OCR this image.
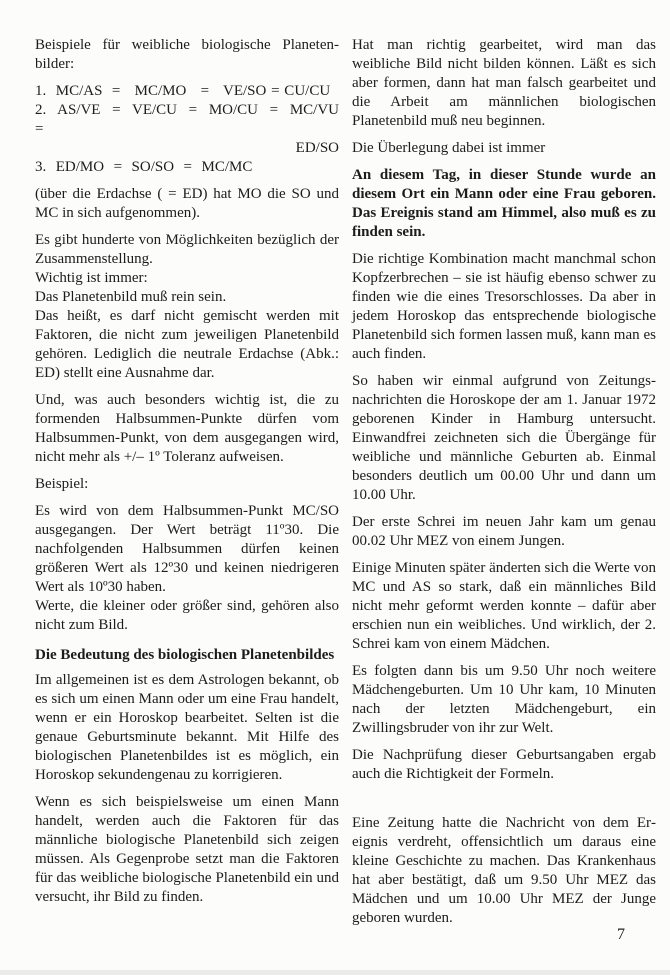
Beispiele für weibliche biologische Planetenbilder:

1.  MC/AS  =   MC/MO   =   VE/SO = CU/CU
2.  AS/VE  =  VE/CU  =  MO/CU  =  MC/VU  =
ED/SO
3.  ED/MO  =  SO/SO  =  MC/MC

(über die Erdachse ( = ED) hat MO die SO und MC in sich aufgenommen).

Es gibt hunderte von Möglichkeiten bezüglich der Zusammenstellung.
Wichtig ist immer:
Das Planetenbild muß rein sein.
Das heißt, es darf nicht gemischt werden mit Faktoren, die nicht zum jeweiligen Planetenbild gehören. Lediglich die neutrale Erdachse (Abk.: ED) stellt eine Ausnahme dar.

Und, was auch besonders wichtig ist, die zu formenden Halbsummen-Punkte dürfen vom Halbsummen-Punkt, von dem ausgegangen wird, nicht mehr als +/– 1º Toleranz aufweisen.

Beispiel:

Es wird von dem Halbsummen-Punkt MC/SO ausgegangen. Der Wert beträgt 11º30. Die nachfolgenden Halbsummen dürfen keinen größeren Wert als 12º30 und keinen niedrigeren Wert als 10º30 haben.
Werte, die kleiner oder größer sind, gehören also nicht zum Bild.

Die Bedeutung des biologischen Planetenbildes

Im allgemeinen ist es dem Astrologen bekannt, ob es sich um einen Mann oder um eine Frau handelt, wenn er ein Horoskop bearbeitet. Selten ist die genaue Geburtsminute bekannt. Mit Hilfe des biologischen Planetenbildes ist es möglich, ein Horoskop sekundengenau zu korrigieren.

Wenn es sich beispielsweise um einen Mann handelt, werden auch die Faktoren für das männliche biologische Planetenbild sich zeigen müssen. Als Gegenprobe setzt man die Faktoren für das weibliche biologische Planetenbild ein und versucht, ihr Bild zu finden.

Hat man richtig gearbeitet, wird man das weibliche Bild nicht bilden können. Läßt es sich aber formen, dann hat man falsch gearbeitet und die Arbeit am männlichen biologischen Planetenbild muß neu beginnen.

Die Überlegung dabei ist immer

An diesem Tag, in dieser Stunde wurde an diesem Ort ein Mann oder eine Frau geboren. Das Ereignis stand am Himmel, also muß es zu finden sein.

Die richtige Kombination macht manchmal schon Kopfzerbrechen – sie ist häufig ebenso schwer zu finden wie die eines Tresorschlosses. Da aber in jedem Horoskop das entsprechende biologische Planetenbild sich formen lassen muß, kann man es auch finden.

So haben wir einmal aufgrund von Zeitungsnachrichten die Horoskope der am 1. Januar 1972 geborenen Kinder in Hamburg untersucht. Einwandfrei zeichneten sich die Übergänge für weibliche und männliche Geburten ab. Einmal besonders deutlich um 00.00 Uhr und dann um 10.00 Uhr.

Der erste Schrei im neuen Jahr kam um genau 00.02 Uhr MEZ von einem Jungen.

Einige Minuten später änderten sich die Werte von MC und AS so stark, daß ein männliches Bild nicht mehr geformt werden konnte – dafür aber erschien nun ein weibliches. Und wirklich, der 2. Schrei kam von einem Mädchen.

Es folgten dann bis um 9.50 Uhr noch weitere Mädchengeburten. Um 10 Uhr kam, 10 Minuten nach der letzten Mädchengeburt, ein Zwillingsbruder von ihr zur Welt.

Die Nachprüfung dieser Geburtsangaben ergab auch die Richtigkeit der Formeln.

Eine Zeitung hatte die Nachricht von dem Ereignis verdreht, offensichtlich um daraus eine kleine Geschichte zu machen. Das Krankenhaus hat aber bestätigt, daß um 9.50 Uhr MEZ das Mädchen und um 10.00 Uhr MEZ der Junge geboren wurden.

7
